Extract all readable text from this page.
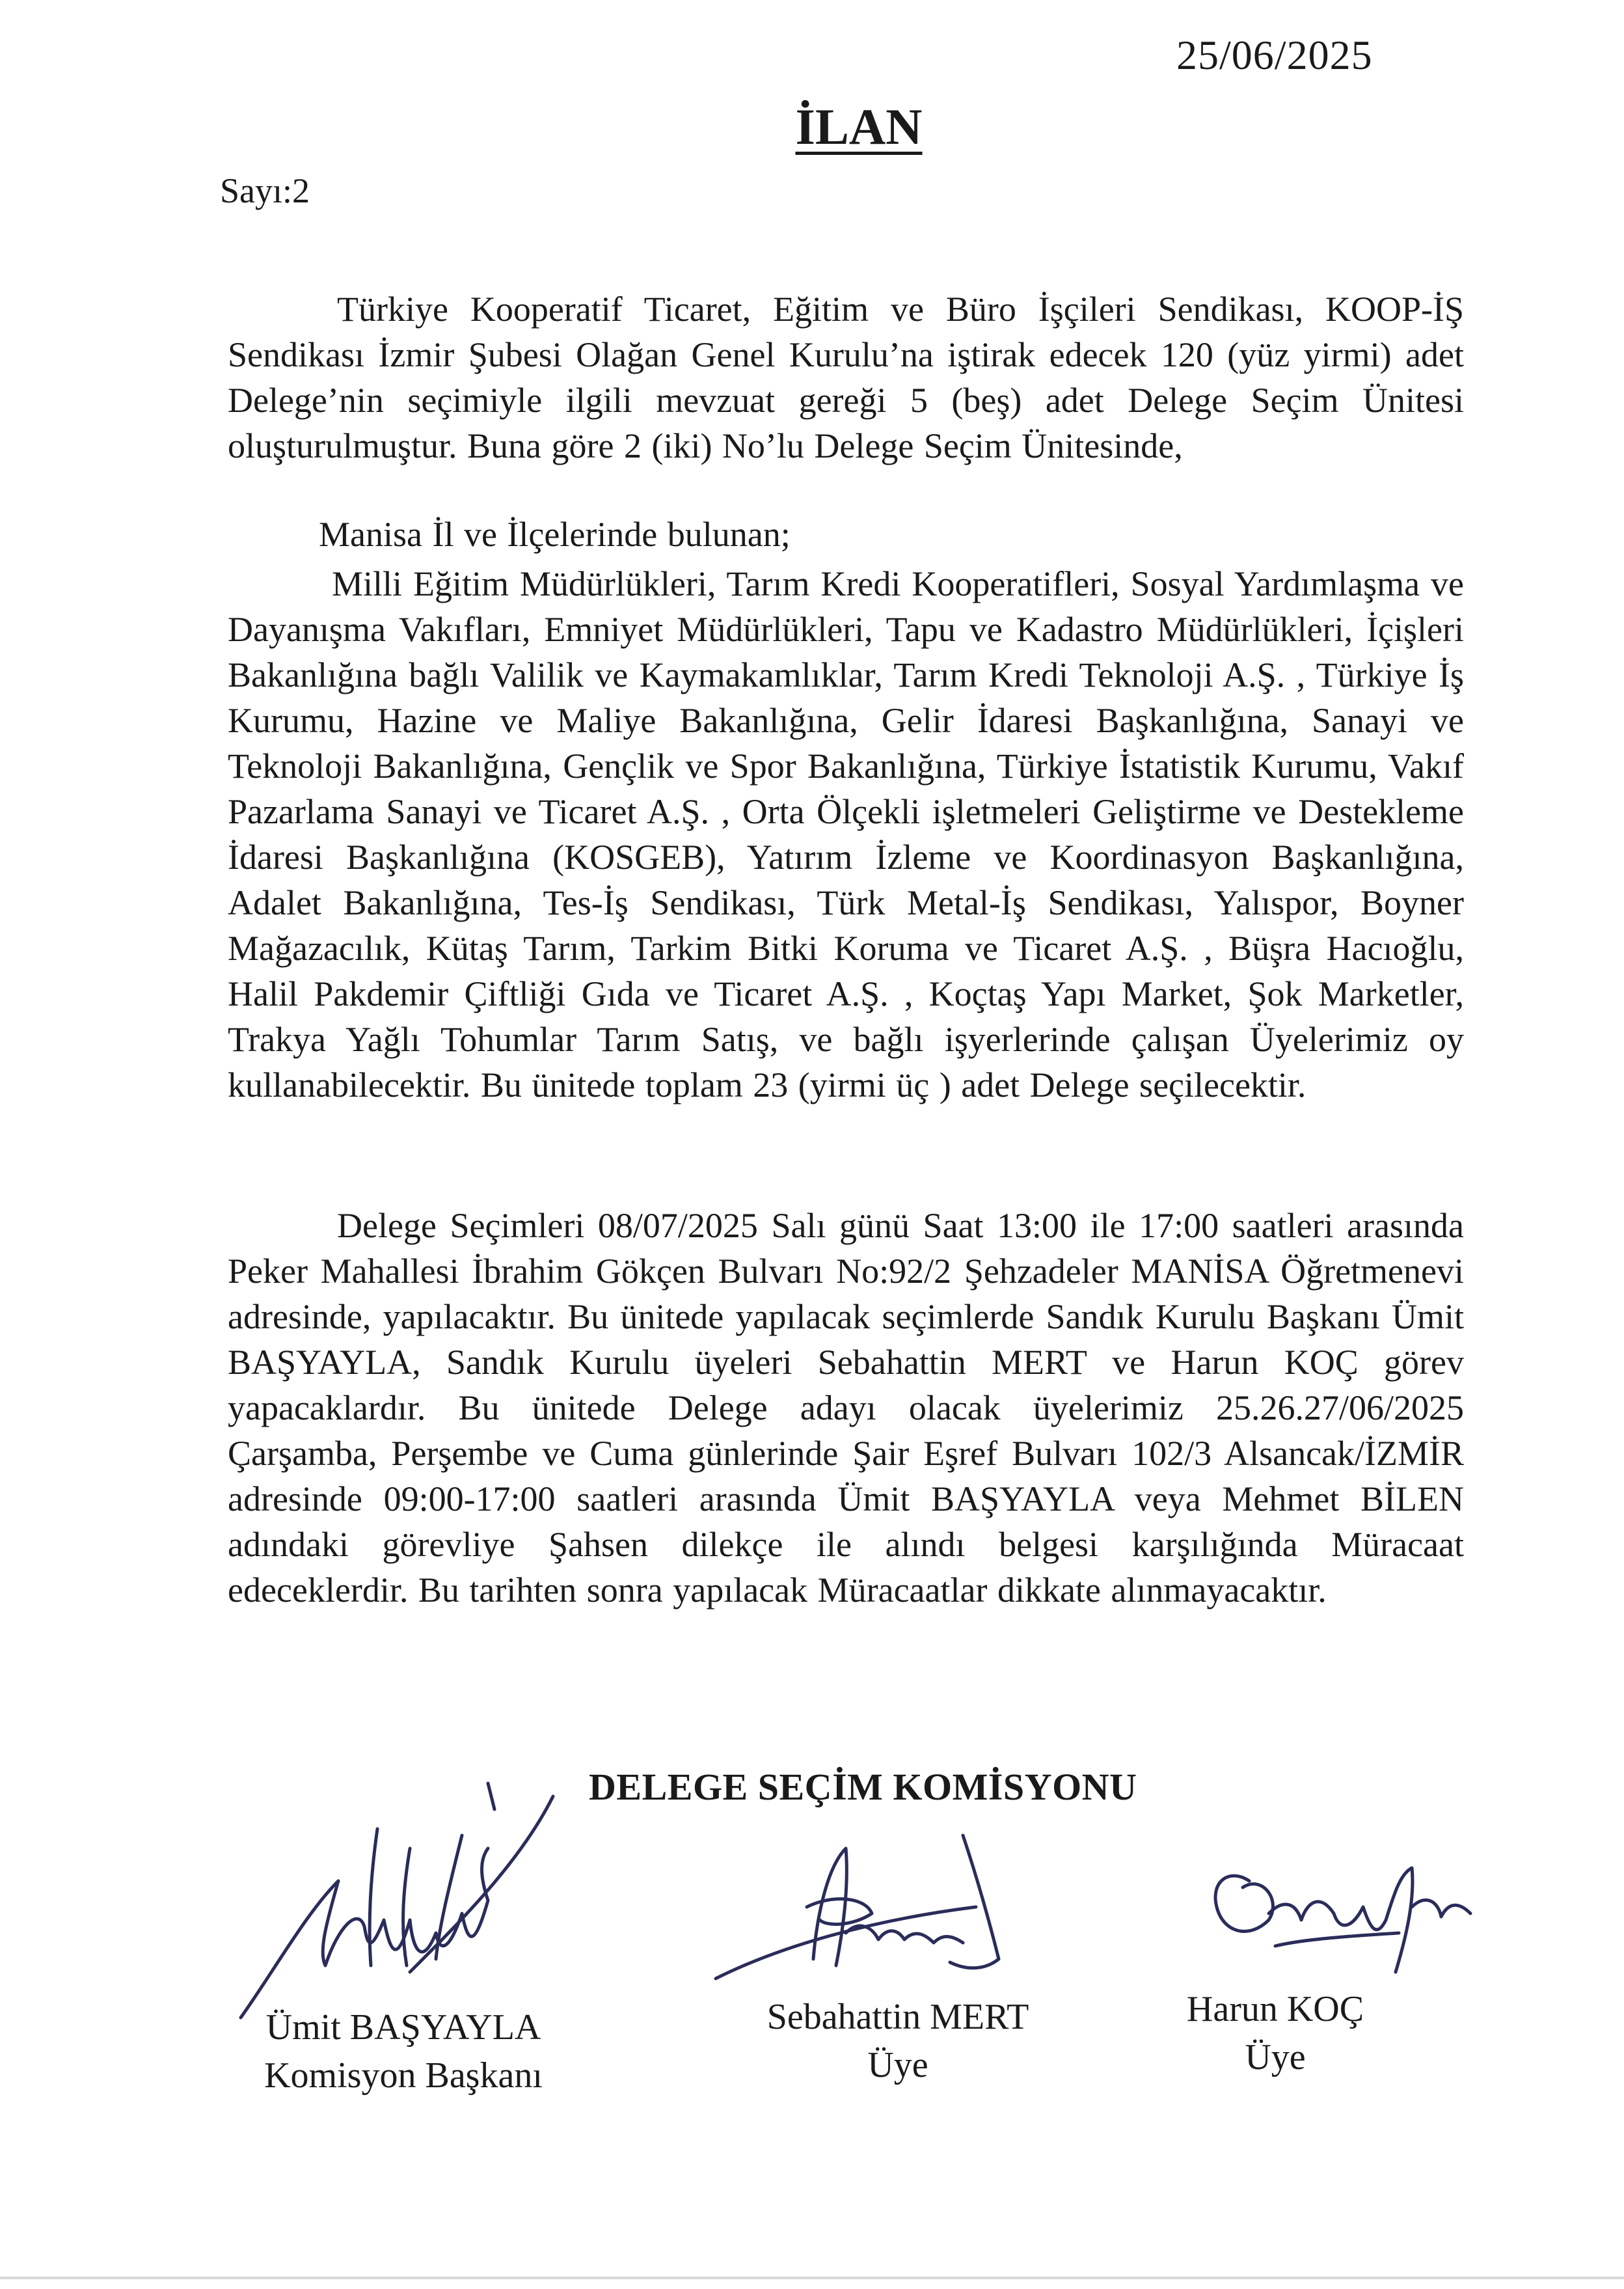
25/06/2025
İLAN
Sayı:2
Türkiye Kooperatif Ticaret, Eğitim ve Büro İşçileri Sendikası, KOOP-İŞ Sendikası İzmir Şubesi Olağan Genel Kurulu’na iştirak edecek 120 (yüz yirmi) adet Delege’nin seçimiyle ilgili mevzuat gereği 5 (beş) adet Delege Seçim Ünitesi oluşturulmuştur. Buna göre 2 (iki) No’lu Delege Seçim Ünitesinde,
Manisa İl ve İlçelerinde bulunan;
Milli Eğitim Müdürlükleri, Tarım Kredi Kooperatifleri, Sosyal Yardımlaşma ve Dayanışma Vakıfları, Emniyet Müdürlükleri, Tapu ve Kadastro Müdürlükleri, İçişleri Bakanlığına bağlı Valilik ve Kaymakamlıklar, Tarım Kredi Teknoloji A.Ş. , Türkiye İş Kurumu, Hazine ve Maliye Bakanlığına, Gelir İdaresi Başkanlığına, Sanayi ve Teknoloji Bakanlığına, Gençlik ve Spor Bakanlığına, Türkiye İstatistik Kurumu, Vakıf Pazarlama Sanayi ve Ticaret A.Ş. , Orta Ölçekli işletmeleri Geliştirme ve Destekleme İdaresi Başkanlığına (KOSGEB), Yatırım İzleme ve Koordinasyon Başkanlığına, Adalet Bakanlığına, Tes-İş Sendikası, Türk Metal-İş Sendikası, Yalıspor, Boyner Mağazacılık, Kütaş Tarım, Tarkim Bitki Koruma ve Ticaret A.Ş. , Büşra Hacıoğlu, Halil Pakdemir Çiftliği Gıda ve Ticaret A.Ş. , Koçtaş Yapı Market, Şok Marketler, Trakya Yağlı Tohumlar Tarım Satış, ve bağlı işyerlerinde çalışan Üyelerimiz oy kullanabilecektir. Bu ünitede toplam 23 (yirmi üç ) adet Delege seçilecektir.
Delege Seçimleri 08/07/2025 Salı günü Saat 13:00 ile 17:00 saatleri arasında Peker Mahallesi İbrahim Gökçen Bulvarı No:92/2 Şehzadeler MANİSA Öğretmenevi adresinde, yapılacaktır. Bu ünitede yapılacak seçimlerde Sandık Kurulu Başkanı Ümit BAŞYAYLA, Sandık Kurulu üyeleri Sebahattin MERT ve Harun KOÇ görev yapacaklardır. Bu ünitede Delege adayı olacak üyelerimiz 25.26.27/06/2025 Çarşamba, Perşembe ve Cuma günlerinde Şair Eşref Bulvarı 102/3 Alsancak/İZMİR adresinde 09:00-17:00 saatleri arasında Ümit BAŞYAYLA veya Mehmet BİLEN adındaki görevliye Şahsen dilekçe ile alındı belgesi karşılığında Müracaat edeceklerdir. Bu tarihten sonra yapılacak Müracaatlar dikkate alınmayacaktır.
DELEGE SEÇİM KOMİSYONU
Ümit BAŞYAYLA
Komisyon Başkanı
Sebahattin MERT
Üye
Harun KOÇ
Üye
